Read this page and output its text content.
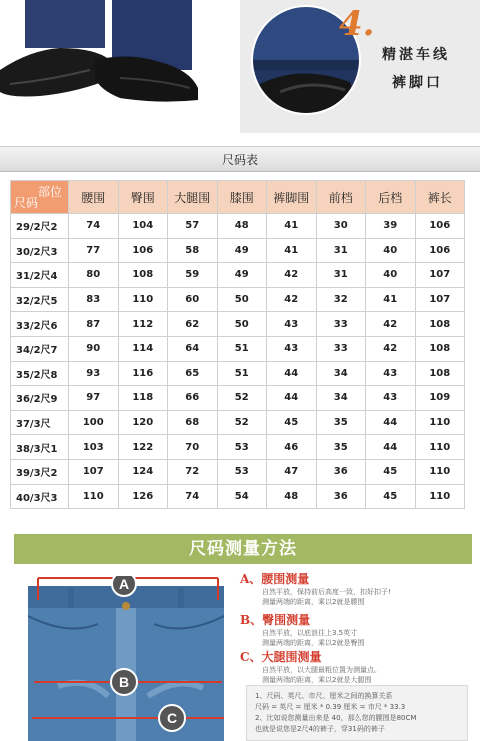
4.
精湛车线
裤脚口
尺码表
部位
尺码	腰围	臀围	大腿围	膝围	裤脚围	前档	后档	裤长
29/2尺2	74	104	57	48	41	30	39	106
30/2尺3	77	106	58	49	41	31	40	106
31/2尺4	80	108	59	49	42	31	40	107
32/2尺5	83	110	60	50	42	32	41	107
33/2尺6	87	112	62	50	43	33	42	108
34/2尺7	90	114	64	51	43	33	42	108
35/2尺8	93	116	65	51	44	34	43	108
36/2尺9	97	118	66	52	44	34	43	109
37/3尺	100	120	68	52	45	35	44	110
38/3尺1	103	122	70	53	46	35	44	110
39/3尺2	107	124	72	53	47	36	45	110
40/3尺3	110	126	74	54	48	36	45	110
尺码测量方法
A
B
C
A、腰围测量
自然平放，保持前后高度一致，扣好扣子!
测量两端的距离，乘以2就是腰围
B、臀围测量
自然平放，以底浪往上3.5英寸
测量两端的距离，乘以2就是臀围
C、大腿围测量
自然平放，以大腿最粗位置为测量点。
测量两端的距离，乘以2就是大腿围
1、尺码、英尺、市尺、厘米之间的换算关系
尺码 = 英尺 = 厘米 * 0.39 厘米 = 市尺 * 33.3
2、比如说您测量出来是 40，那么您的腰围是80CM
也就是说您是2尺4的裤子，穿31码的裤子
